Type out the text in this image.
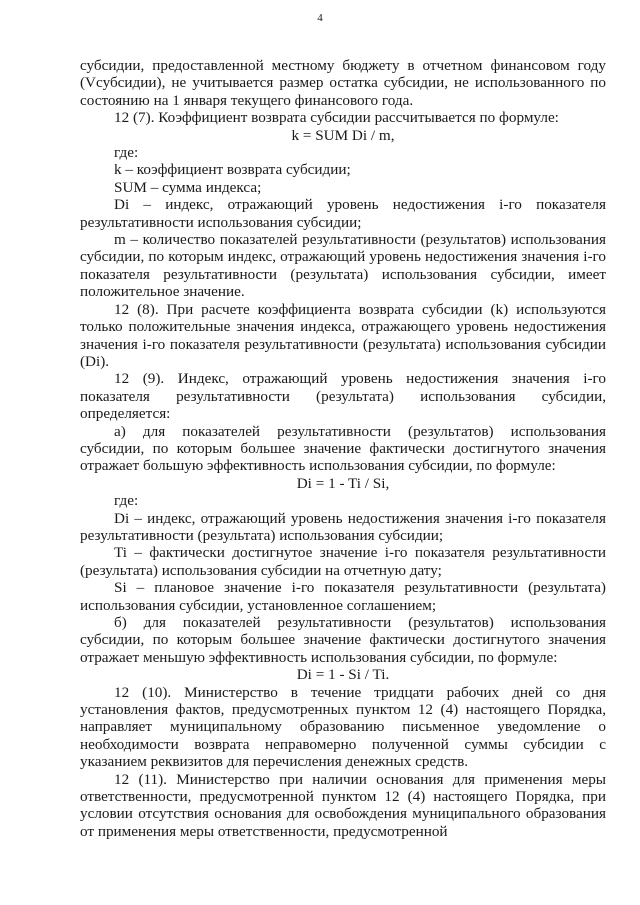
4

субсидии, предоставленной местному бюджету в отчетном финансовом году (Vсубсидии), не учитывается размер остатка субсидии, не использованного по состоянию на 1 января текущего финансового года.

12 (7). Коэффициент возврата субсидии рассчитывается по формуле:

k = SUM Di / m,

где:

k – коэффициент возврата субсидии;

SUM – сумма индекса;

Di – индекс, отражающий уровень недостижения i-го показателя результативности использования субсидии;

m – количество показателей результативности (результатов) использования субсидии, по которым индекс, отражающий уровень недостижения значения i-го показателя результативности (результата) использования субсидии, имеет положительное значение.

12 (8). При расчете коэффициента возврата субсидии (k) используются только положительные значения индекса, отражающего уровень недостижения значения i-го показателя результативности (результата) использования субсидии (Di).

12 (9). Индекс, отражающий уровень недостижения значения i-го показателя результативности (результата) использования субсидии, определяется:

а) для показателей результативности (результатов) использования субсидии, по которым большее значение фактически достигнутого значения отражает большую эффективность использования субсидии, по формуле:

Di = 1 - Ti / Si,

где:

Di – индекс, отражающий уровень недостижения значения i-го показателя результативности (результата) использования субсидии;

Ti – фактически достигнутое значение i-го показателя результативности (результата) использования субсидии на отчетную дату;

Si – плановое значение i-го показателя результативности (результата) использования субсидии, установленное соглашением;

б) для показателей результативности (результатов) использования субсидии, по которым большее значение фактически достигнутого значения отражает меньшую эффективность использования субсидии, по формуле:

Di = 1 - Si / Ti.

12 (10). Министерство в течение тридцати рабочих дней со дня установления фактов, предусмотренных пунктом 12 (4) настоящего Порядка, направляет муниципальному образованию письменное уведомление о необходимости возврата неправомерно полученной суммы субсидии с указанием реквизитов для перечисления денежных средств.

12 (11). Министерство при наличии основания для применения меры ответственности, предусмотренной пунктом 12 (4) настоящего Порядка, при условии отсутствия основания для освобождения муниципального образования от применения меры ответственности, предусмотренной
